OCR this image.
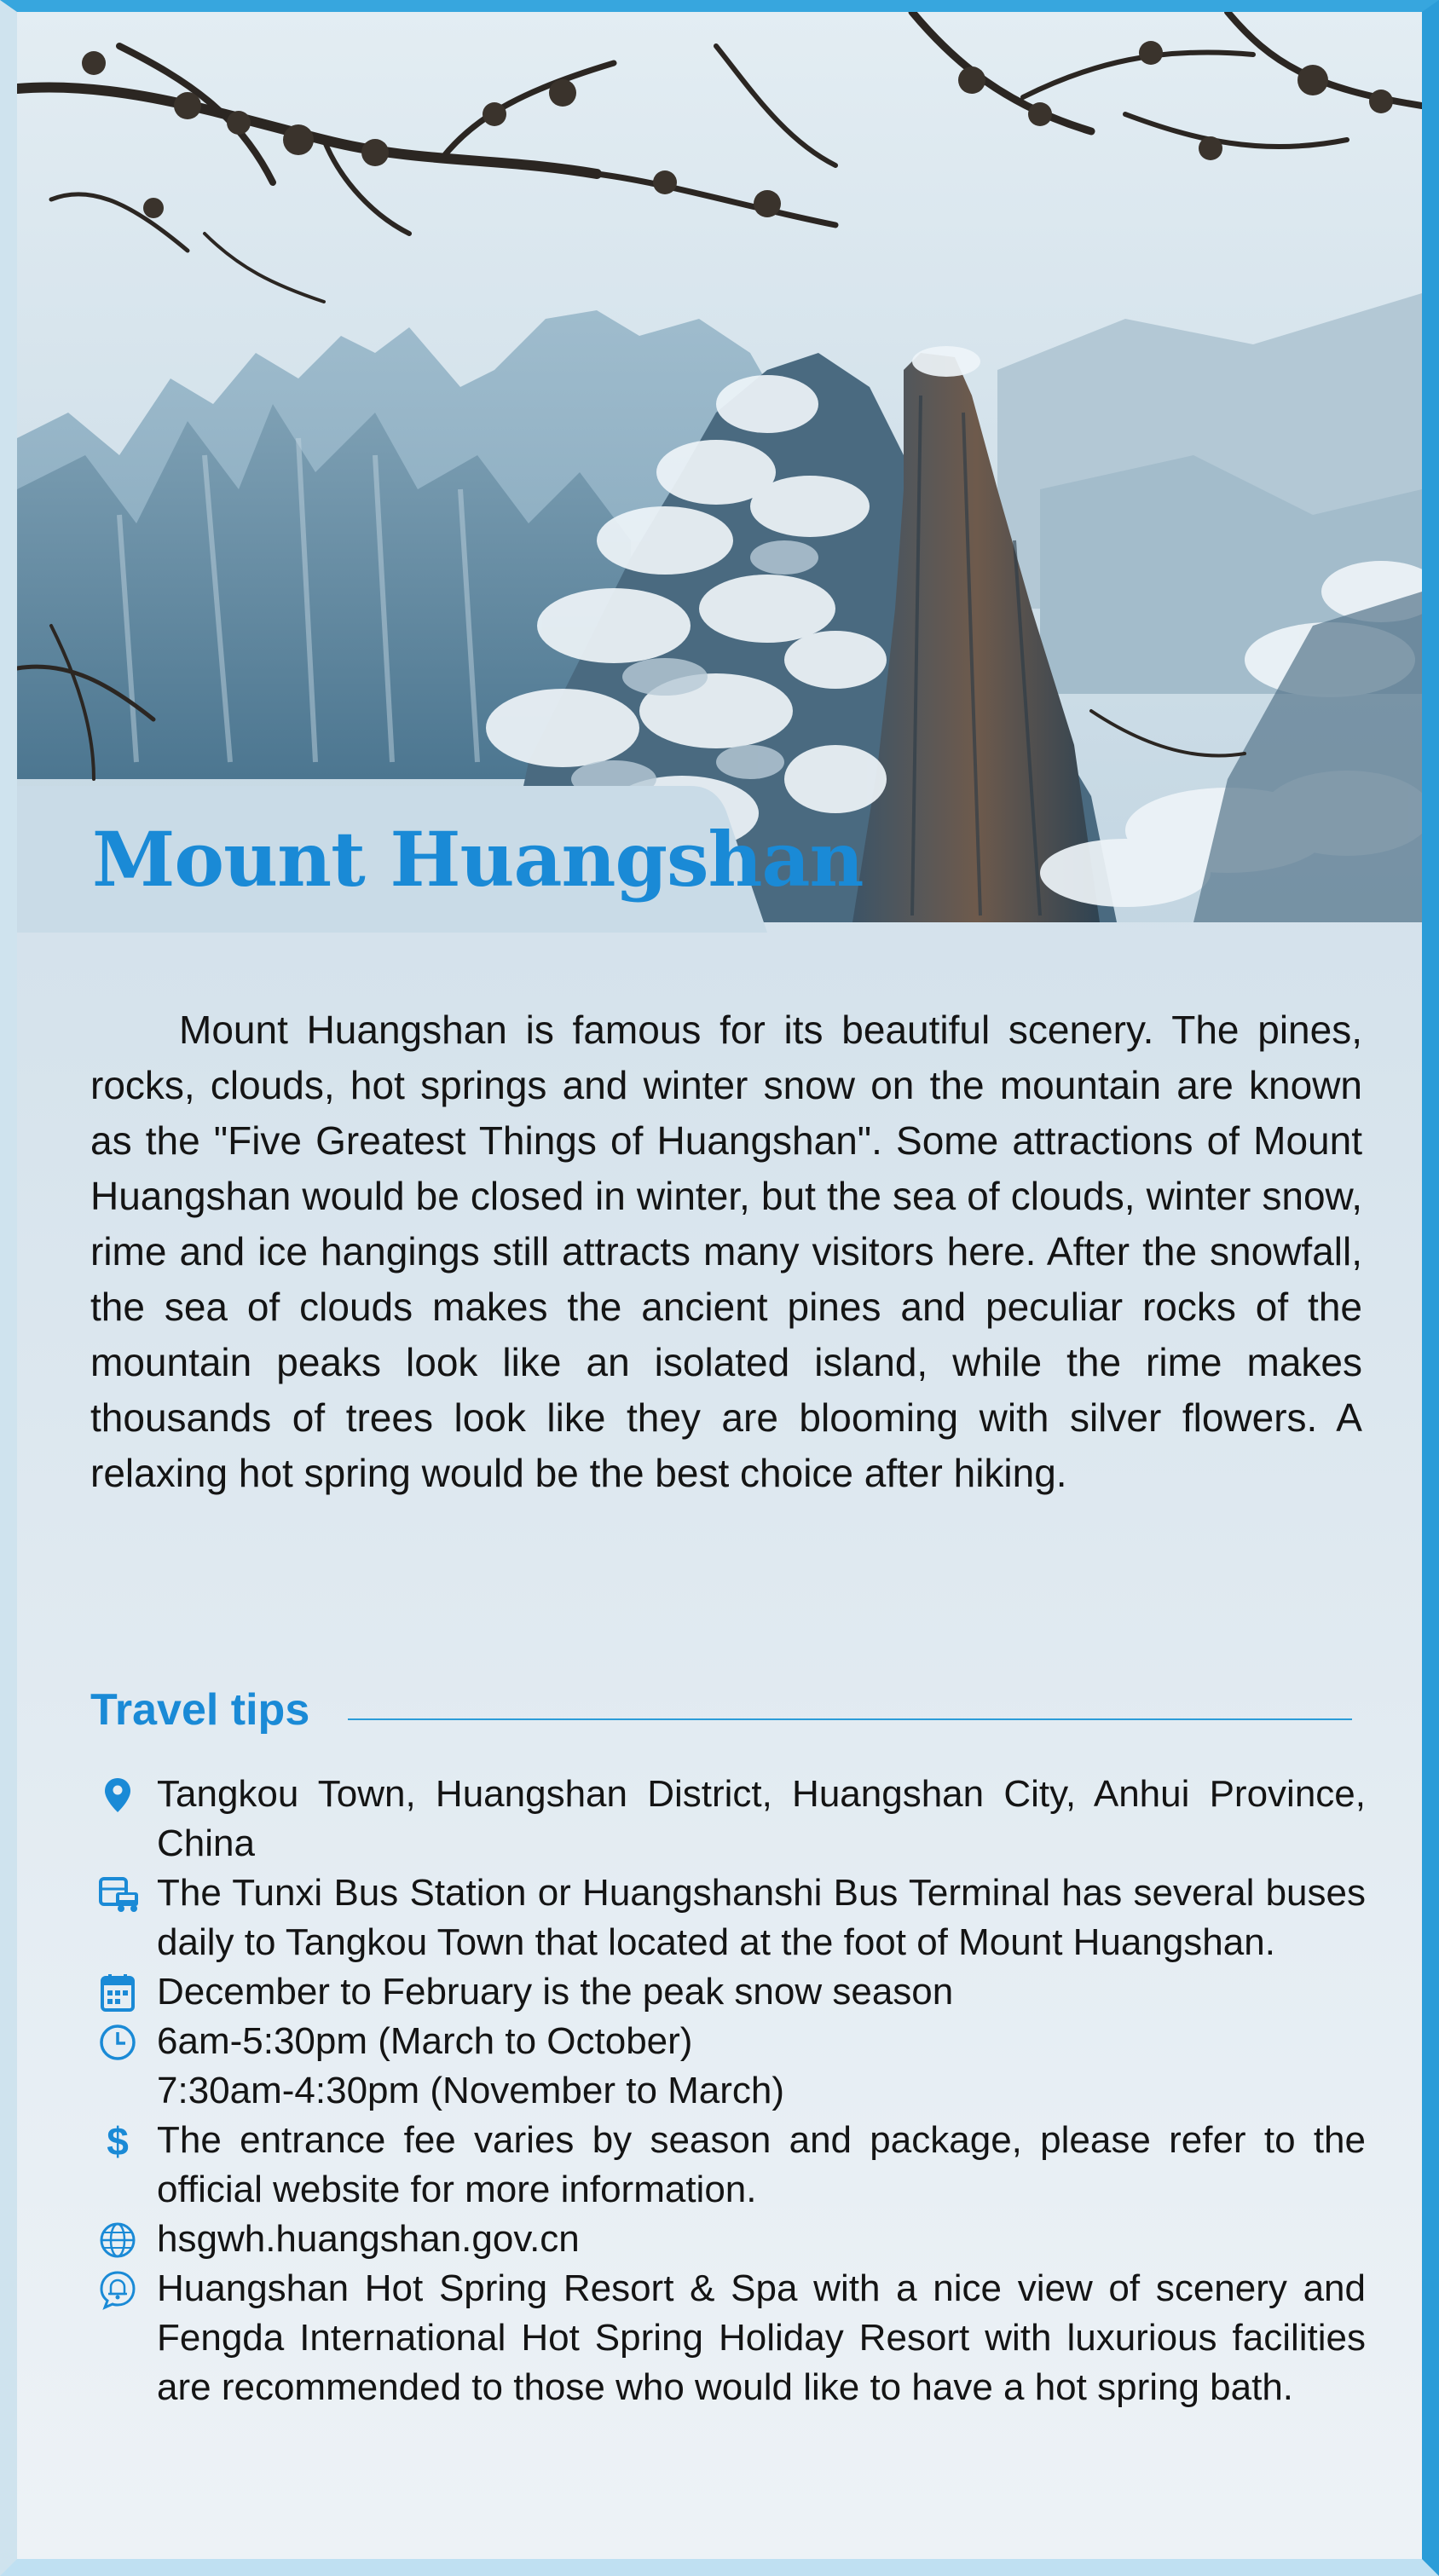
Mount Huangshan

Mount Huangshan is famous for its beautiful scenery. The pines, rocks, clouds, hot springs and winter snow on the mountain are known as the "Five Greatest Things of Huangshan". Some attractions of Mount Huangshan would be closed in winter, but the sea of clouds, winter snow, rime and ice hangings still attracts many visitors here. After the snowfall, the sea of clouds makes the ancient pines and peculiar rocks of the mountain peaks look like an isolated island, while the rime makes thousands of trees look like they are blooming with silver flowers. A relaxing hot spring would be the best choice after hiking.

Travel tips
Tangkou Town, Huangshan District, Huangshan City, Anhui Province, China
The Tunxi Bus Station or Huangshanshi Bus Terminal has several buses daily to Tangkou Town that located at the foot of Mount Huangshan.
December to February is the peak snow season
6am-5:30pm (March to October)
7:30am-4:30pm (November to March)
$ The entrance fee varies by season and package, please refer to the official website for more information.
hsgwh.huangshan.gov.cn
Huangshan Hot Spring Resort & Spa with a nice view of scenery and Fengda International Hot Spring Holiday Resort with luxurious facilities are recommended to those who would like to have a hot spring bath.
